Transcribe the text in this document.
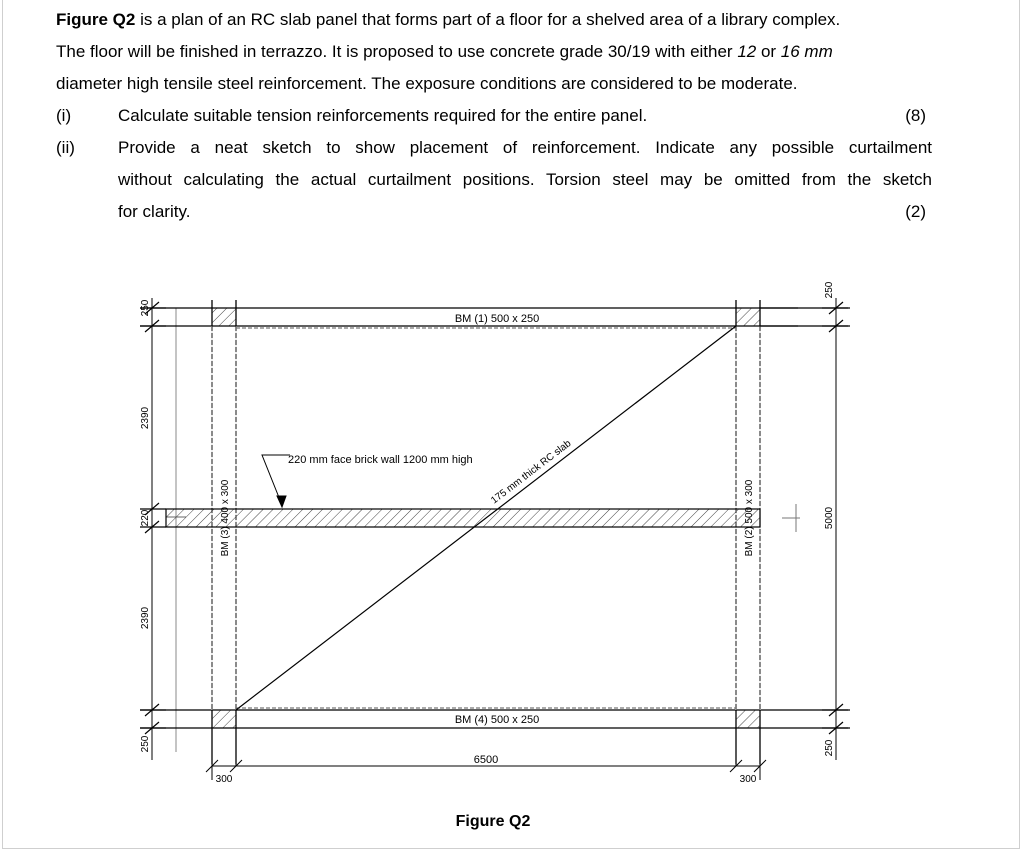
Figure Q2 is a plan of an RC slab panel that forms part of a floor for a shelved area of a library complex.
The floor will be finished in terrazzo. It is proposed to use concrete grade 30/19 with either 12 or 16 mm
diameter high tensile steel reinforcement. The exposure conditions are considered to be moderate.
(i)	Calculate suitable tension reinforcements required for the entire panel.	(8)
(ii)	Provide a neat sketch to show placement of reinforcement. Indicate any possible curtailment
without calculating the actual curtailment positions. Torsion steel may be omitted from the sketch
for clarity.	(2)
250
2390
220
2390
250
250
5000
250
BM (1) 500 x 250
BM (4) 500 x 250
220 mm face brick wall 1200 mm high 175 mm thick RC slab
BM (3) 400 x 300	BM (2) 500 x 300
6500
300	300
Figure Q2
